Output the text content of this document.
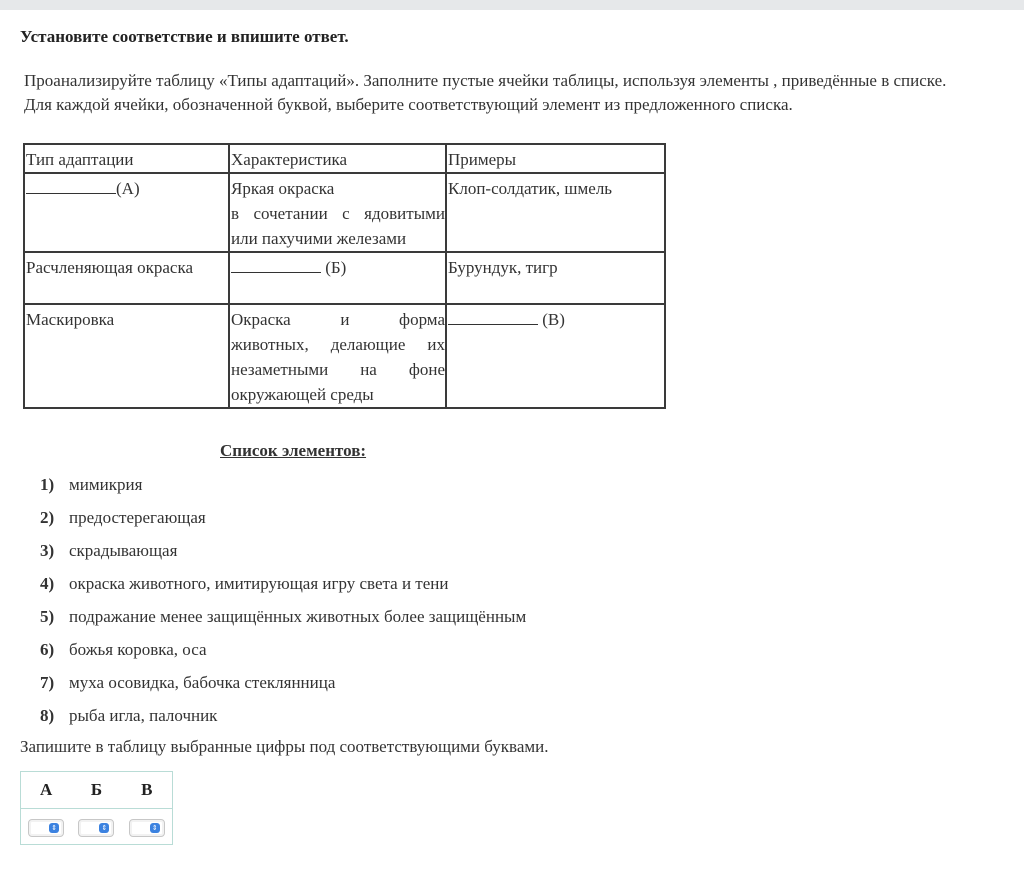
Установите соответствие и впишите ответ.
Проанализируйте таблицу «Типы адаптаций». Заполните пустые ячейки таблицы, используя элементы , приведённые в списке.
Для каждой ячейки, обозначенной буквой, выберите соответствующий элемент из предложенного списка.
Тип адаптации	Характеристика	Примеры
(А)	Яркая окраска
в сочетании с ядовитыми
или пахучими железами	Клоп-солдатик, шмель
Расчленяющая окраска	(Б)	Бурундук, тигр
Маскировка	Окраска и форма
животных, делающие их
незаметными на фоне
окружающей среды	(В)
Список элементов:
1) мимикрия
2) предостерегающая
3) скрадывающая
4) окраска животного, имитирующая игру света и тени
5) подражание менее защищённых животных более защищённым
6) божья коровка, оса
7) муха осовидка, бабочка стеклянница
8) рыба игла, палочник
Запишите в таблицу выбранные цифры под соответствующими буквами.
А	Б	В
⇕	⇕	⇕
